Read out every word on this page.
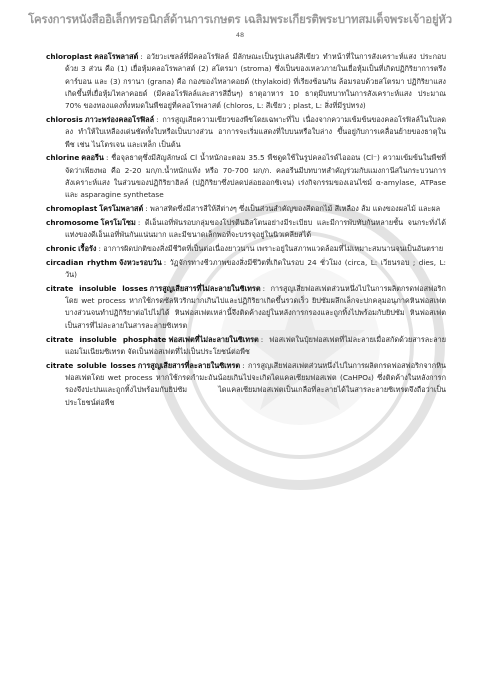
โครงการหนังสืออิเล็กทรอนิกส์ด้านการเกษตร เฉลิมพระเกียรติพระบาทสมเด็จพระเจ้าอยู่หัว
48
chloroplast คลอโรพลาสต์ : อวัยวะเซลล์ที่มีคลอโรฟิลล์ มีลักษณะเป็นรูปเลนส์สีเขียว ทำหน้าที่ในการสังเคราะห์แสง ประกอบด้วย 3 ส่วน คือ (1) เยื่อหุ้มคลอโรพลาสต์ (2) สโตรมา (stroma) ซึ่งเป็นของเหลวภายในเยื่อหุ้มเป็นที่เกิดปฏิกิริยาการตรึงคาร์บอน และ (3) กรานา (grana) คือ กองของไทลาคอยด์ (thylakoid) ที่เรียงซ้อนกัน ล้อมรอบด้วยสโตรมา ปฏิกิริยาแสงเกิดขึ้นที่เยื่อหุ้มไทลาคอยด์ (มีคลอโรฟิลล์และสารสีอื่นๆ) ธาตุอาหาร 10 ธาตุมีบทบาทในการสังเคราะห์แสง ประมาณ 70% ของทองแดงทั้งหมดในพืชอยู่ที่คลอโรพลาสต์ (chloros, L: สีเขียว ; plast, L: สิ่งที่มีรูปทรง)
chlorosis ภาวะพร่องคลอโรฟิลล์ : การสูญเสียความเขียวของพืชโดยเฉพาะที่ใบ เนื่องจากความเข้มข้นของคลอโรฟิลล์ในใบลดลง ทำให้ใบเหลืองเด่นชัดทั้งใบหรือเป็นบางส่วน อาการจะเริ่มแสดงที่ใบบนหรือใบล่าง ขึ้นอยู่กับการเคลื่อนย้ายของธาตุในพืช เช่น ไนโตรเจน และเหล็ก เป็นต้น
chlorine คลอรีน : ชื่อจุลธาตุซึ่งมีสัญลักษณ์ Cl น้ำหนักอะตอม 35.5 พืชดูดใช้ในรูปคลอไรด์ไอออน (Cl⁻) ความเข้มข้นในพืชที่จัดว่าเพียงพอ คือ 2-20 มก/ก.น้ำหนักแห้ง หรือ 70-700 มก/ก. คลอรีนมีบทบาทสำคัญร่วมกับแมงกานีสในกระบวนการสังเคราะห์แสง ในส่วนของปฏิกิริยาฮิลล์ (ปฏิกิริยาซึ่งปลดปล่อยออกซิเจน) เร่งกิจกรรมของเอนไซม์ α-amylase, ATPase และ asparagine synthetase
chromoplast โครโมพลาสต์ : พลาสทิดซึ่งมีสารสีให้สีต่างๆ ซึ่งเป็นส่วนสำคัญของสีดอกไม้ สีเหลือง ส้ม แดงของผลไม้ และผล
chromosome โครโมโซม : ดีเอ็นเอที่พันรอบกลุ่มของโปรตีนฮิสโตนอย่างมีระเบียบ และมีการพับทับกันหลายชั้น จนกระทั่งได้แท่งของดีเอ็นเอที่พันกันแน่นมาก และมีขนาดเล็กพอที่จะบรรจุอยู่ในนิวเคลียสได้
chronic เรื้อรัง : อาการผิดปกติของสิ่งมีชีวิตที่เป็นต่อเนื่องยาวนาน เพราะอยู่ในสภาพแวดล้อมที่ไม่เหมาะสมนานจนเป็นอันตราย
circadian rhythm จังหวะรอบวัน : วัฏจักรทางชีวภาพของสิ่งมีชีวิตที่เกิดในรอบ 24 ชั่วโมง (circa, L: เวียนรอบ ; dies, L: วัน)
citrate insoluble losses การสูญเสียสารที่ไม่ละลายในซิเทรต : การสูญเสียฟอสเฟตส่วนหนึ่งไปในการผลิตกรดฟอสฟอริกโดย wet process หากใช้กรดซัลฟิวริกมากเกินไปและปฏิกิริยาเกิดขึ้นรวดเร็ว ยิปซัมผลึกเล็กจะปกคลุมอนุภาคหินฟอสเฟตบางส่วนจนทำปฏิกิริยาต่อไปไม่ได้ หินฟอสเฟตเหล่านี้จึงติดค้างอยู่ในหลังการกรองและถูกทิ้งไปพร้อมกับยิปซัม หินฟอสเฟตเป็นสารที่ไม่ละลายในสารละลายซิเทรต
citrate insoluble phosphate ฟอสเฟตที่ไม่ละลายในซิเทรต : ฟอสเฟตในปุ๋ยฟอสเฟตที่ไม่ละลายเมื่อสกัดด้วยสารละลายแอมโมเนียมซิเทรต จัดเป็นฟอสเฟตที่ไม่เป็นประโยชน์ต่อพืช
citrate soluble losses การสูญเสียสารที่ละลายในซิเทรต : การสูญเสียฟอสเฟตส่วนหนึ่งไปในการผลิตกรดฟอสฟอริกจากหินฟอสเฟตโดย wet process หากใช้กรดกำมะถันน้อยเกินไปจะเกิดไดแคลเซียมฟอสเฟต (CaHPO₄) ซึ่งติดค้างในหลังการกรองจึงปะปนและถูกทิ้งไปพร้อมกับยิปซัม ไดแคลเซียมฟอสเฟตเป็นเกลือที่ละลายได้ในสารละลายซิเทรตจึงถือว่าเป็นประโยชน์ต่อพืช
